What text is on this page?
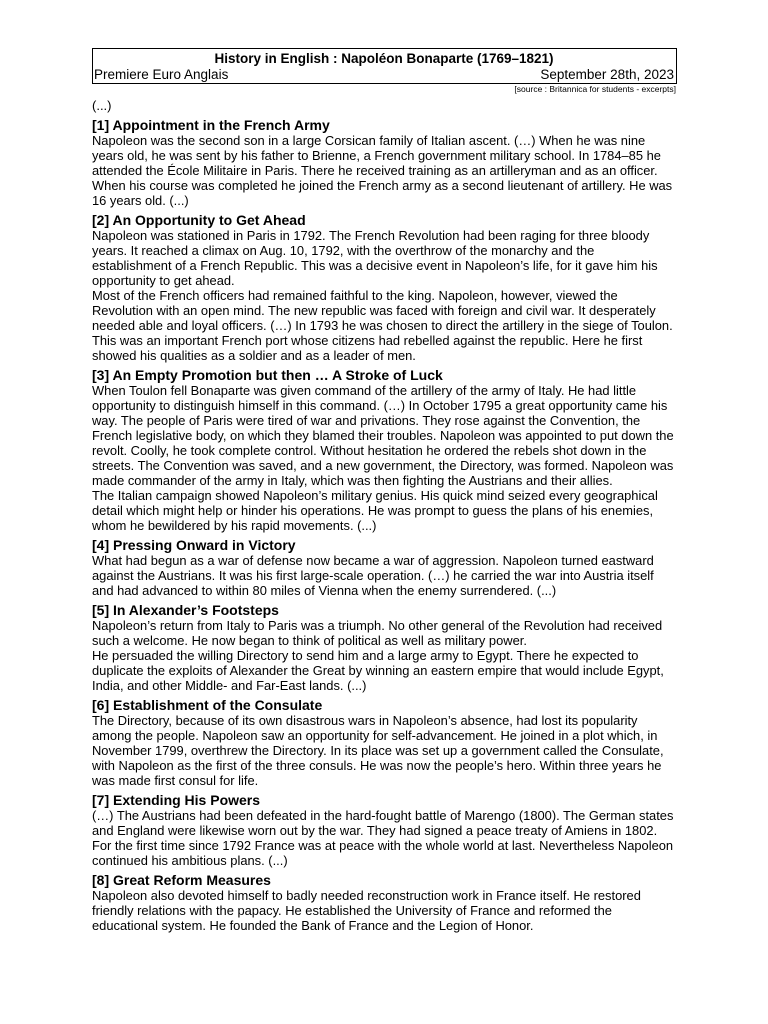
History in English : Napoléon Bonaparte (1769–1821)
Premiere Euro Anglais	September 28th, 2023
[source : Britannica for students - excerpts]
(...)
[1] Appointment in the French Army
Napoleon was the second son in a large Corsican family of Italian ascent. (…) When he was nine years old, he was sent by his father to Brienne, a French government military school. In 1784–85 he attended the École Militaire in Paris. There he received training as an artilleryman and as an officer. When his course was completed he joined the French army as a second lieutenant of artillery. He was 16 years old. (...)
[2] An Opportunity to Get Ahead
Napoleon was stationed in Paris in 1792. The French Revolution had been raging for three bloody years. It reached a climax on Aug. 10, 1792, with the overthrow of the monarchy and the establishment of a French Republic. This was a decisive event in Napoleon’s life, for it gave him his opportunity to get ahead.
Most of the French officers had remained faithful to the king. Napoleon, however, viewed the Revolution with an open mind. The new republic was faced with foreign and civil war. It desperately needed able and loyal officers. (…) In 1793 he was chosen to direct the artillery in the siege of Toulon. This was an important French port whose citizens had rebelled against the republic. Here he first showed his qualities as a soldier and as a leader of men.
[3] An Empty Promotion but then … A Stroke of Luck
When Toulon fell Bonaparte was given command of the artillery of the army of Italy. He had little opportunity to distinguish himself in this command. (…) In October 1795 a great opportunity came his way. The people of Paris were tired of war and privations. They rose against the Convention, the French legislative body, on which they blamed their troubles. Napoleon was appointed to put down the revolt. Coolly, he took complete control. Without hesitation he ordered the rebels shot down in the streets. The Convention was saved, and a new government, the Directory, was formed. Napoleon was made commander of the army in Italy, which was then fighting the Austrians and their allies.
The Italian campaign showed Napoleon’s military genius. His quick mind seized every geographical detail which might help or hinder his operations. He was prompt to guess the plans of his enemies, whom he bewildered by his rapid movements. (...)
[4] Pressing Onward in Victory
What had begun as a war of defense now became a war of aggression. Napoleon turned eastward against the Austrians. It was his first large-scale operation. (…) he carried the war into Austria itself and had advanced to within 80 miles of Vienna when the enemy surrendered. (...)
[5] In Alexander’s Footsteps
Napoleon’s return from Italy to Paris was a triumph. No other general of the Revolution had received such a welcome. He now began to think of political as well as military power.
He persuaded the willing Directory to send him and a large army to Egypt. There he expected to duplicate the exploits of Alexander the Great by winning an eastern empire that would include Egypt, India, and other Middle- and Far-East lands. (...)
[6] Establishment of the Consulate
The Directory, because of its own disastrous wars in Napoleon’s absence, had lost its popularity among the people. Napoleon saw an opportunity for self-advancement. He joined in a plot which, in November 1799, overthrew the Directory. In its place was set up a government called the Consulate, with Napoleon as the first of the three consuls. He was now the people’s hero. Within three years he was made first consul for life.
[7] Extending His Powers
(…) The Austrians had been defeated in the hard-fought battle of Marengo (1800). The German states and England were likewise worn out by the war. They had signed a peace treaty of Amiens in 1802. For the first time since 1792 France was at peace with the whole world at last. Nevertheless Napoleon continued his ambitious plans. (...)
[8] Great Reform Measures
Napoleon also devoted himself to badly needed reconstruction work in France itself. He restored friendly relations with the papacy. He established the University of France and reformed the educational system. He founded the Bank of France and the Legion of Honor.
